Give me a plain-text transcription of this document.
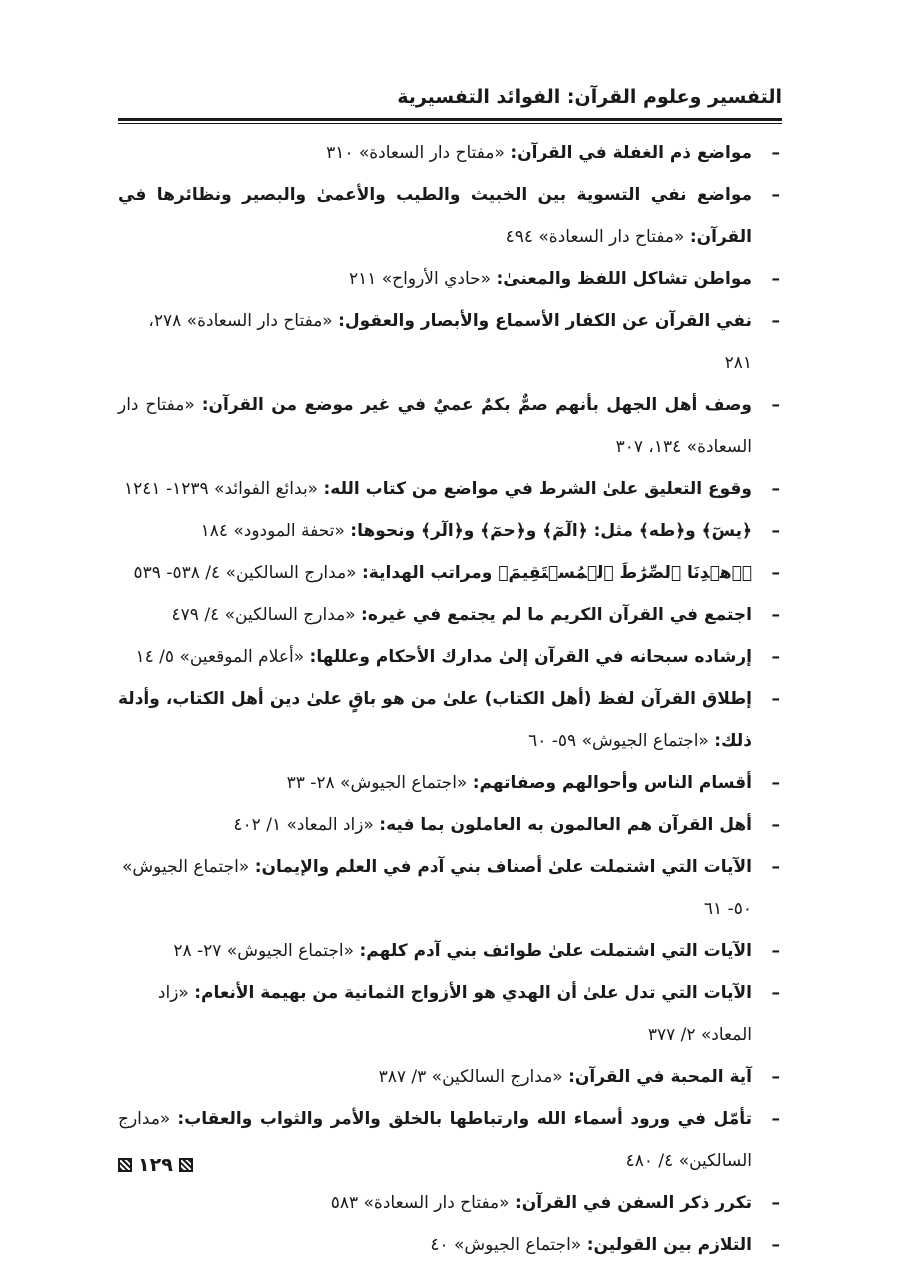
التفسير وعلوم القرآن: الفوائد التفسيرية
–
مواضع ذم الغفلة في القرآن: «مفتاح دار السعادة» ٣١٠
–
مواضع نفي التسوية بين الخبيث والطيب والأعمىٰ والبصير ونظائرها في القرآن: «مفتاح دار السعادة» ٤٩٤
–
مواطن تشاكل اللفظ والمعنىٰ: «حادي الأرواح» ٢١١
–
نفي القرآن عن الكفار الأسماع والأبصار والعقول: «مفتاح دار السعادة» ٢٧٨، ٢٨١
–
وصف أهل الجهل بأنهم صمٌّ بكمٌ عميٌ في غير موضع من القرآن: «مفتاح دار السعادة» ١٣٤، ٣٠٧
–
وقوع التعليق علىٰ الشرط في مواضع من كتاب الله: «بدائع الفوائد» ١٢٣٩- ١٢٤١
–
﴿يسٓ﴾ و﴿طه﴾ مثل: ﴿الٓمٓ﴾ و﴿حمٓ﴾ و﴿الٓر﴾ ونحوها: «تحفة المودود» ١٨٤
–
﴿ٱهۡدِنَا ٱلصِّرَٰطَ ٱلۡمُسۡتَقِيمَ﴾ ومراتب الهداية: «مدارج السالكين» ٤/ ٥٣٨- ٥٣٩
–
اجتمع في القرآن الكريم ما لم يجتمع في غيره: «مدارج السالكين» ٤/ ٤٧٩
–
إرشاده سبحانه في القرآن إلىٰ مدارك الأحكام وعللها: «أعلام الموقعين» ٥/ ١٤
–
إطلاق القرآن لفظ (أهل الكتاب) علىٰ من هو باقٍ علىٰ دين أهل الكتاب، وأدلة ذلك: «اجتماع الجيوش» ٥٩- ٦٠
–
أقسام الناس وأحوالهم وصفاتهم: «اجتماع الجيوش» ٢٨- ٣٣
–
أهل القرآن هم العالمون به العاملون بما فيه: «زاد المعاد» ١/ ٤٠٢
–
الآيات التي اشتملت علىٰ أصناف بني آدم في العلم والإيمان: «اجتماع الجيوش» ٥٠- ٦١
–
الآيات التي اشتملت علىٰ طوائف بني آدم كلهم: «اجتماع الجيوش» ٢٧- ٢٨
–
الآيات التي تدل علىٰ أن الهدي هو الأزواج الثمانية من بهيمة الأنعام: «زاد المعاد» ٢/ ٣٧٧
–
آية المحبة في القرآن: «مدارج السالكين» ٣/ ٣٨٧
–
تأمّل في ورود أسماء الله وارتباطها بالخلق والأمر والثواب والعقاب: «مدارج السالكين» ٤/ ٤٨٠
–
تكرر ذكر السفن في القرآن: «مفتاح دار السعادة» ٥٨٣
–
التلازم بين القولين: «اجتماع الجيوش» ٤٠
١٢٩
